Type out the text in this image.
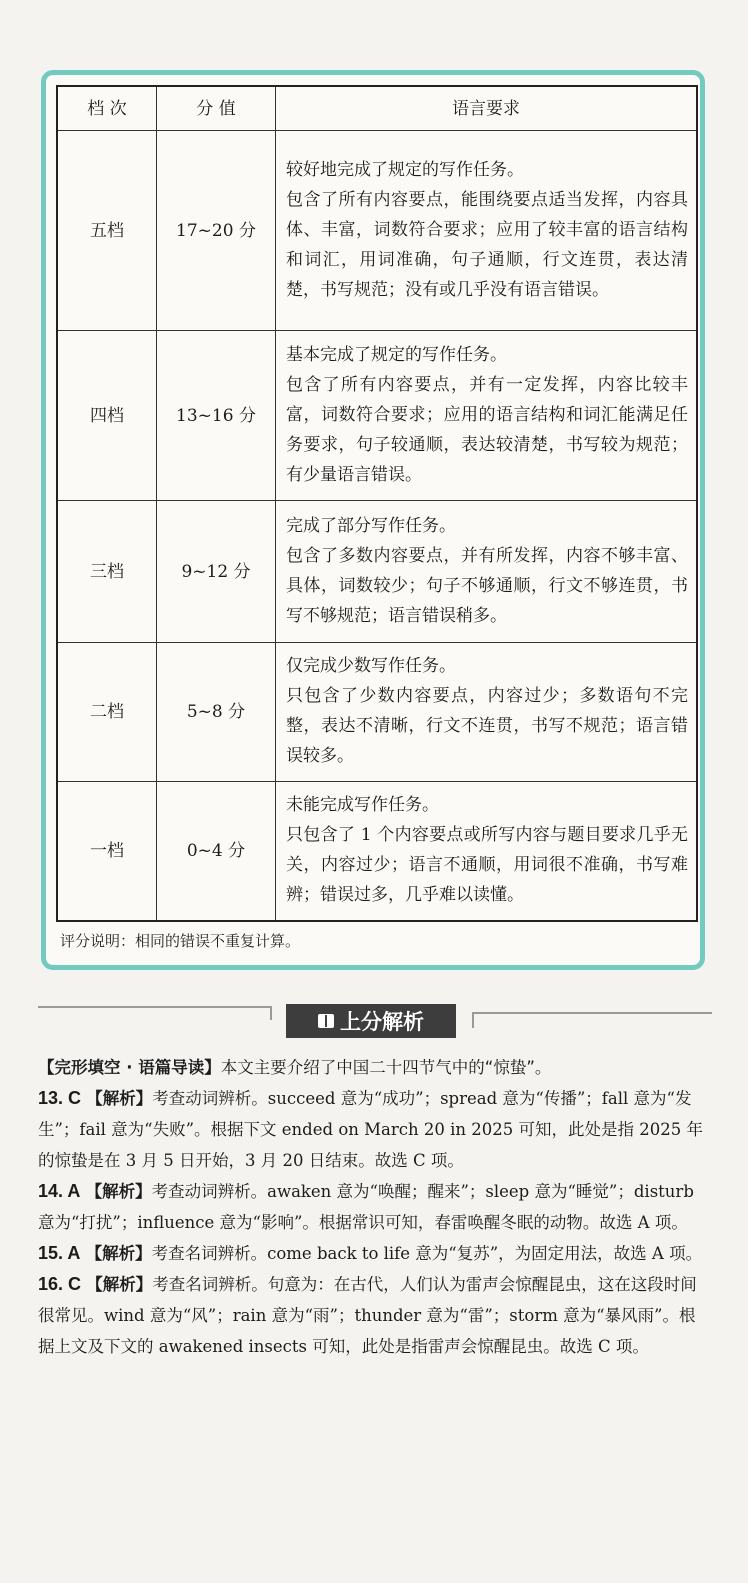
档 次	分 值	语言要求
五档	17~20 分	较好地完成了规定的写作任务。
包含了所有内容要点，能围绕要点适当发挥，内容具体、丰富，词数符合要求；应用了较丰富的语言结构和词汇，用词准确，句子通顺，行文连贯，表达清楚，书写规范；没有或几乎没有语言错误。

四档	13~16 分	基本完成了规定的写作任务。
包含了所有内容要点，并有一定发挥，内容比较丰富，词数符合要求；应用的语言结构和词汇能满足任务要求，句子较通顺，表达较清楚，书写较为规范；有少量语言错误。

三档	9~12 分	完成了部分写作任务。
包含了多数内容要点，并有所发挥，内容不够丰富、具体，词数较少；句子不够通顺，行文不够连贯，书写不够规范；语言错误稍多。

二档	5~8 分	仅完成少数写作任务。
只包含了少数内容要点，内容过少；多数语句不完整，表达不清晰，行文不连贯，书写不规范；语言错误较多。

一档	0~4 分	未能完成写作任务。
只包含了 1 个内容要点或所写内容与题目要求几乎无关，内容过少；语言不通顺，用词很不准确，书写难辨；错误过多，几乎难以读懂。
评分说明：相同的错误不重复计算。
上分解析

【完形填空 · 语篇导读】本文主要介绍了中国二十四节气中的“惊蛰”。

13. C 【解析】考查动词辨析。succeed 意为“成功”；spread 意为“传播”；fall 意为“发生”；fail 意为“失败”。根据下文 ended on March 20 in 2025 可知，此处是指 2025 年的惊蛰是在 3 月 5 日开始，3 月 20 日结束。故选 C 项。

14. A 【解析】考查动词辨析。awaken 意为“唤醒；醒来”；sleep 意为“睡觉”；disturb 意为“打扰”；influence 意为“影响”。根据常识可知，春雷唤醒冬眠的动物。故选 A 项。

15. A 【解析】考查名词辨析。come back to life 意为“复苏”，为固定用法，故选 A 项。

16. C 【解析】考查名词辨析。句意为：在古代，人们认为雷声会惊醒昆虫，这在这段时间很常见。wind 意为“风”；rain 意为“雨”；thunder 意为“雷”；storm 意为“暴风雨”。根据上文及下文的 awakened insects 可知，此处是指雷声会惊醒昆虫。故选 C 项。
